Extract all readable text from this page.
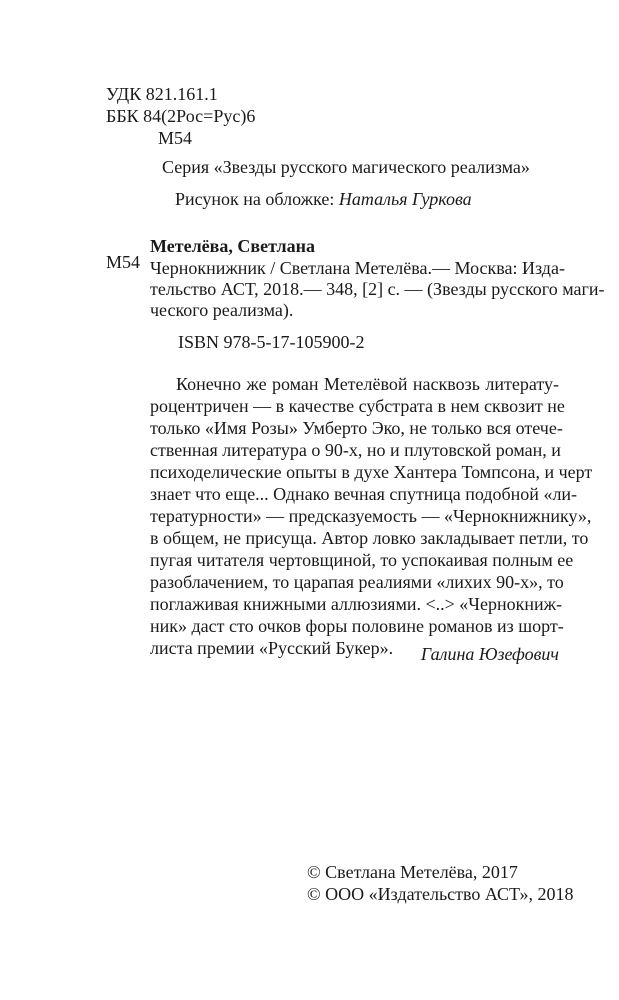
УДК 821.161.1
ББК 84(2Рос=Рус)6
М54
Серия «Звезды русского магического реализма»
Рисунок на обложке: Наталья Гуркова
Метелёва, Светлана
М54 Чернокнижник / Светлана Метелёва.— Москва: Изда-
тельство АСТ, 2018.— 348, [2] с. — (Звезды русского маги-
ческого реализма).
ISBN 978-5-17-105900-2
Конечно же роман Метелёвой насквозь литерату-
роцентричен — в качестве субстрата в нем сквозит не
только «Имя Розы» Умберто Эко, не только вся отече-
ственная литература о 90-х, но и плутовской роман, и
психоделические опыты в духе Хантера Томпсона, и черт
знает что еще... Однако вечная спутница подобной «ли-
тературности» — предсказуемость — «Чернокнижнику»,
в общем, не присуща. Автор ловко закладывает петли, то
пугая читателя чертовщиной, то успокаивая полным ее
разоблачением, то царапая реалиями «лихих 90-х», то
поглаживая книжными аллюзиями. <..> «Чернокниж-
ник» даст сто очков форы половине романов из шорт-
листа премии «Русский Букер».	Галина Юзефович
© Светлана Метелёва, 2017
© ООО «Издательство АСТ», 2018
